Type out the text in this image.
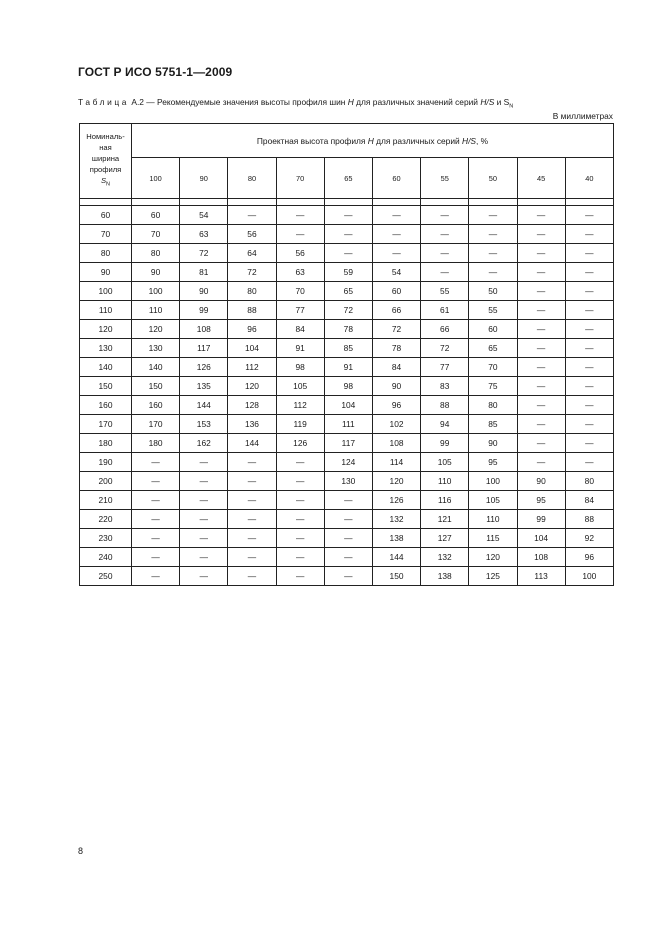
ГОСТ Р ИСО 5751-1—2009
Таблица А.2 — Рекомендуемые значения высоты профиля шин H для различных значений серий H/S и $S_N$
В миллиметрах
Номиналь-
ная
ширина
профиля
$S_N$	Проектная высота профиля H для различных серий H/S, %									
	100	90	80	70	65	60	55	50	45	40

60	60	54	—	—	—	—	—	—	—	—
70	70	63	56	—	—	—	—	—	—	—
80	80	72	64	56	—	—	—	—	—	—
90	90	81	72	63	59	54	—	—	—	—
100	100	90	80	70	65	60	55	50	—	—
110	110	99	88	77	72	66	61	55	—	—
120	120	108	96	84	78	72	66	60	—	—
130	130	117	104	91	85	78	72	65	—	—
140	140	126	112	98	91	84	77	70	—	—
150	150	135	120	105	98	90	83	75	—	—
160	160	144	128	112	104	96	88	80	—	—
170	170	153	136	119	111	102	94	85	—	—
180	180	162	144	126	117	108	99	90	—	—
190	—	—	—	—	124	114	105	95	—	—
200	—	—	—	—	130	120	110	100	90	80
210	—	—	—	—	—	126	116	105	95	84
220	—	—	—	—	—	132	121	110	99	88
230	—	—	—	—	—	138	127	115	104	92
240	—	—	—	—	—	144	132	120	108	96
250	—	—	—	—	—	150	138	125	113	100
8
